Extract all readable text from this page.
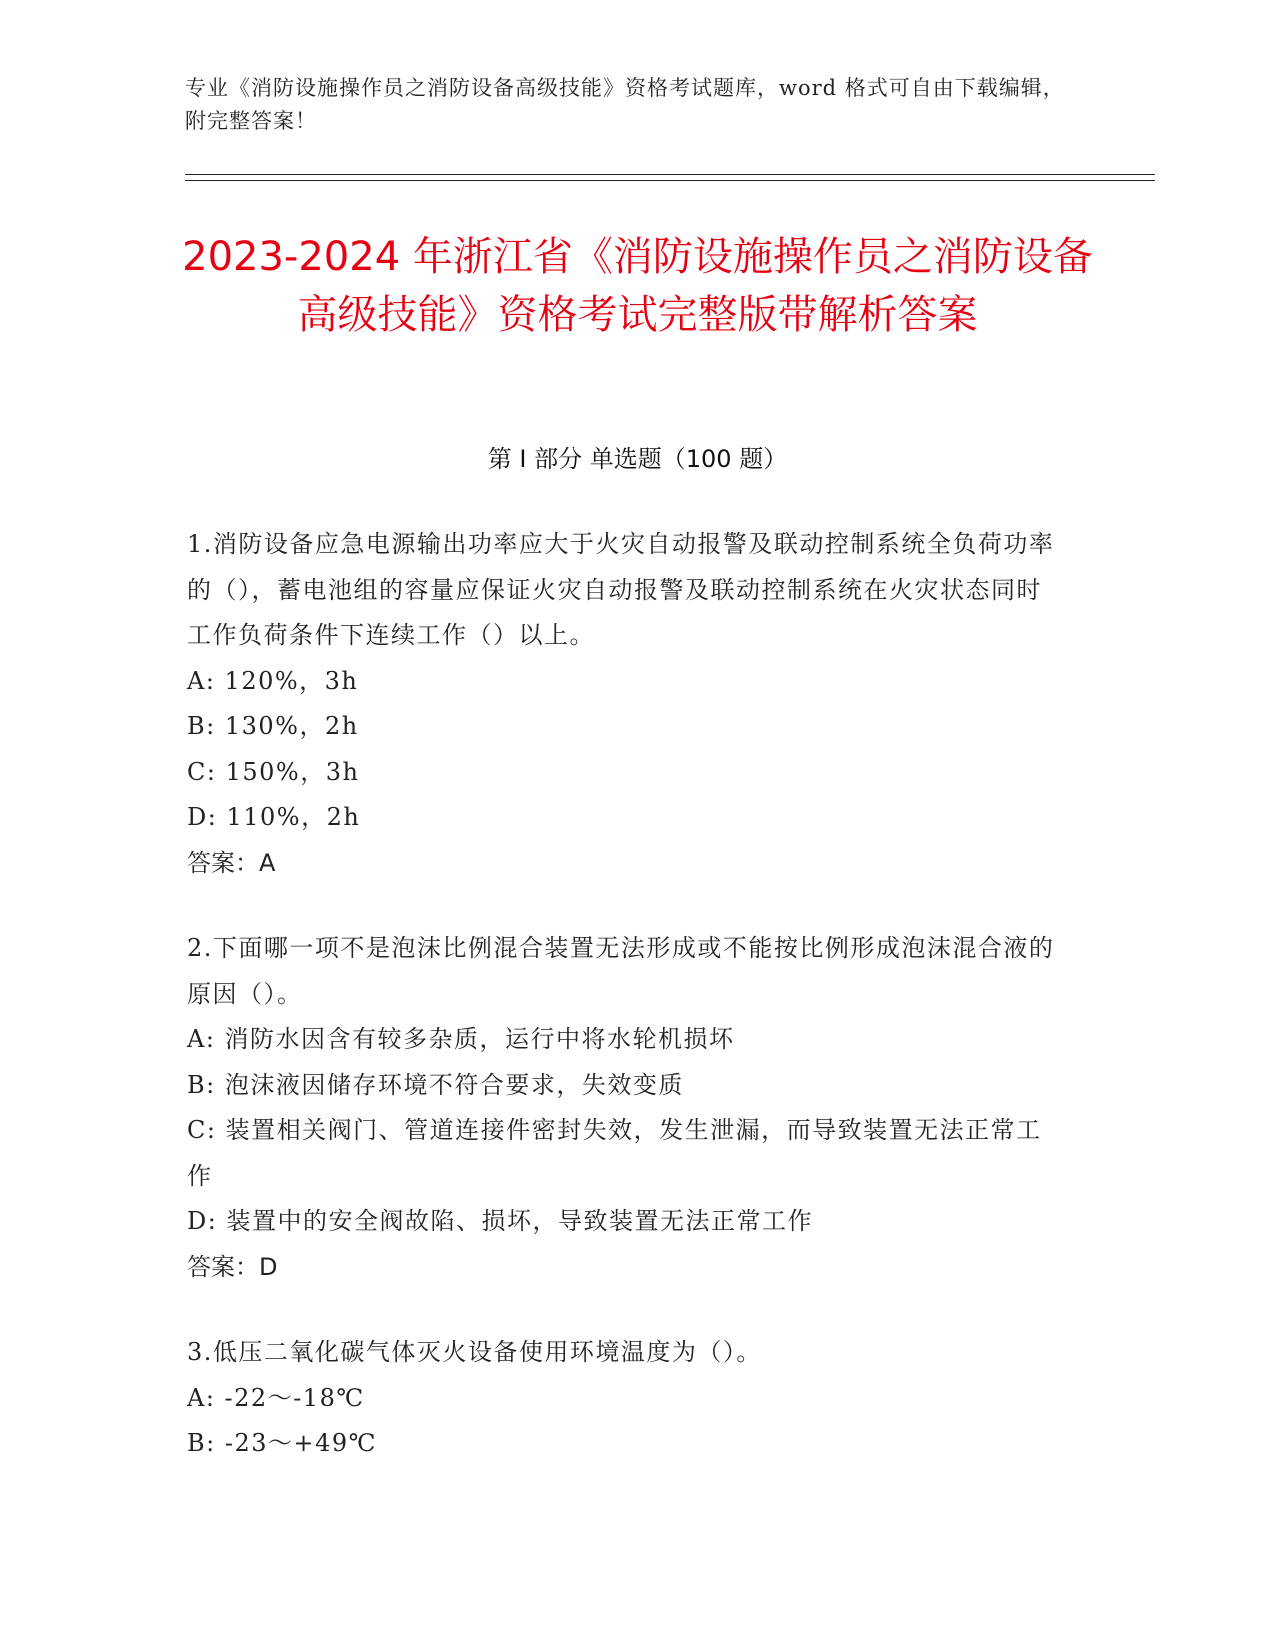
专业《消防设施操作员之消防设备高级技能》资格考试题库，word 格式可自由下载编辑，附完整答案！
2023-2024 年浙江省《消防设施操作员之消防设备高级技能》资格考试完整版带解析答案
第 I 部分 单选题（100 题）
1.消防设备应急电源输出功率应大于火灾自动报警及联动控制系统全负荷功率的（），蓄电池组的容量应保证火灾自动报警及联动控制系统在火灾状态同时工作负荷条件下连续工作（）以上。
A: 120%，3h
B: 130%，2h
C: 150%，3h
D: 110%，2h
答案：A
2.下面哪一项不是泡沫比例混合装置无法形成或不能按比例形成泡沫混合液的原因（）。
A: 消防水因含有较多杂质，运行中将水轮机损坏
B: 泡沫液因储存环境不符合要求，失效变质
C: 装置相关阀门、管道连接件密封失效，发生泄漏，而导致装置无法正常工作
D: 装置中的安全阀故陷、损坏，导致装置无法正常工作
答案：D
3.低压二氧化碳气体灭火设备使用环境温度为（）。
A: -22～-18℃
B: -23～+49℃
